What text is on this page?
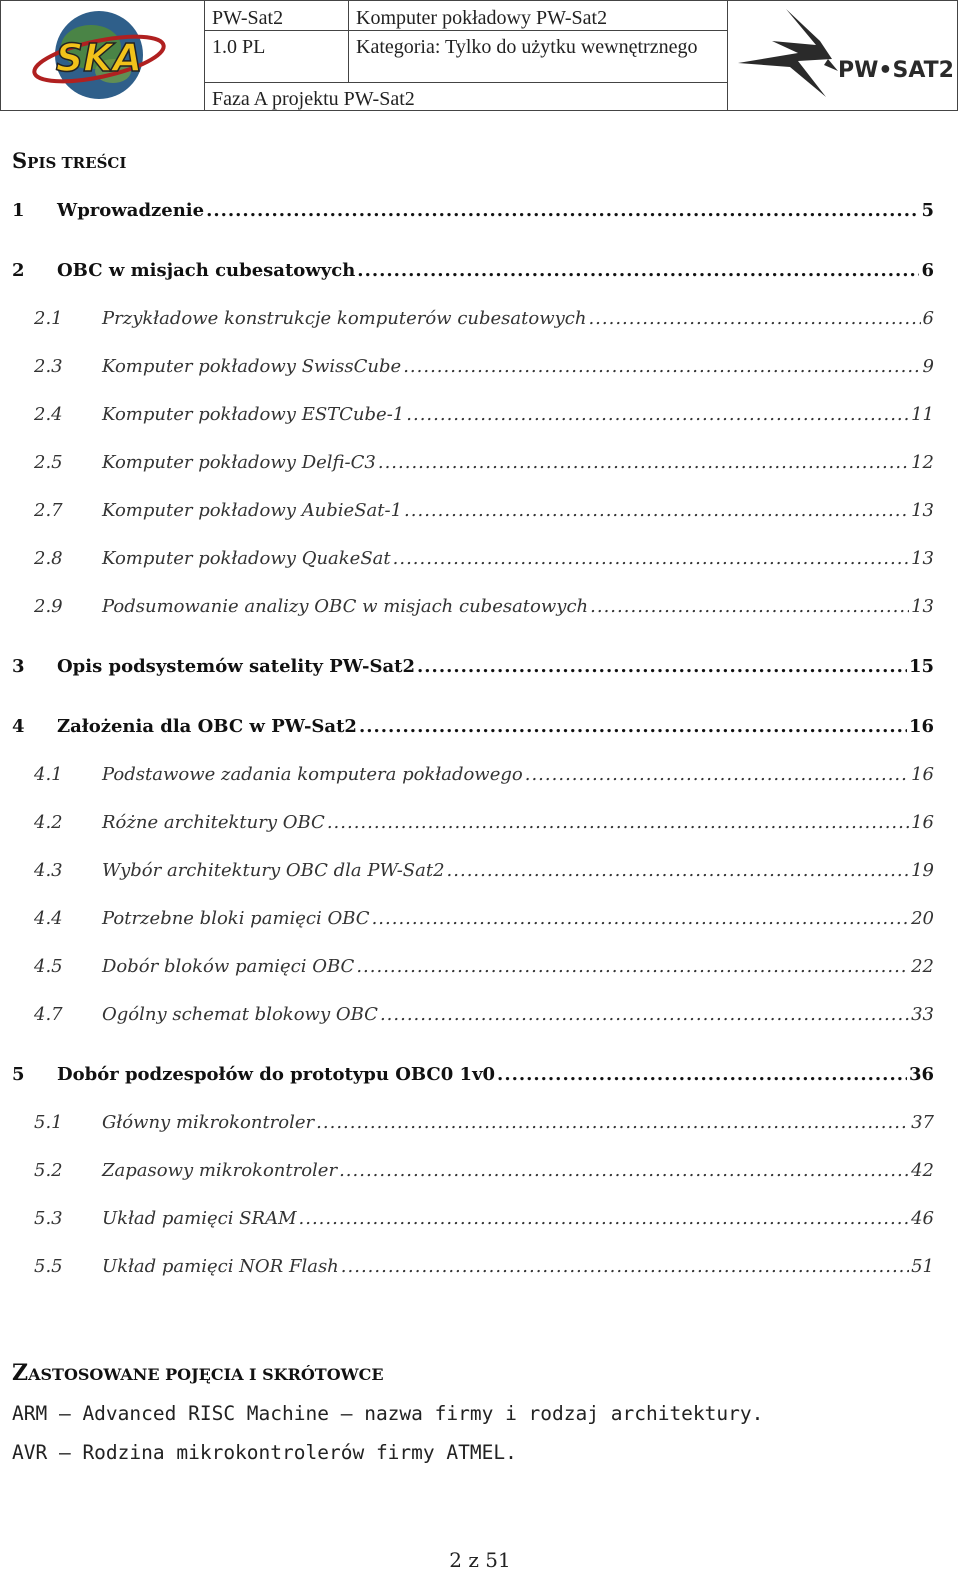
SKA
PW-Sat2
1.0 PL
Komputer pokładowy PW-Sat2
Kategoria: Tylko do użytku wewnętrznego
Faza A projektu PW-Sat2
PW•SAT2
SPIS TREŚCI
1 Wprowadzenie .....	5
2 OBC w misjach cubesatowych .....	6
2.1 Przykładowe konstrukcje komputerów cubesatowych .....	6
2.3 Komputer pokładowy SwissCube .....	9
2.4 Komputer pokładowy ESTCube-1 .....	11
2.5 Komputer pokładowy Delfi-C3 .....	12
2.7 Komputer pokładowy AubieSat-1 .....	13
2.8 Komputer pokładowy QuakeSat .....	13
2.9 Podsumowanie analizy OBC w misjach cubesatowych .....	13
3 Opis podsystemów satelity PW-Sat2 .....	15
4 Założenia dla OBC w PW-Sat2 .....	16
4.1 Podstawowe zadania komputera pokładowego .....	16
4.2 Różne architektury OBC .....	16
4.3 Wybór architektury OBC dla PW-Sat2 .....	19
4.4 Potrzebne bloki pamięci OBC .....	20
4.5 Dobór bloków pamięci OBC .....	22
4.7 Ogólny schemat blokowy OBC .....	33
5 Dobór podzespołów do prototypu OBC0 1v0 .....	36
5.1 Główny mikrokontroler .....	37
5.2 Zapasowy mikrokontroler .....	42
5.3 Układ pamięci SRAM .....	46
5.5 Układ pamięci NOR Flash .....	51
ZASTOSOWANE POJĘCIA I SKRÓTOWCE
ARM – Advanced RISC Machine – nazwa firmy i rodzaj architektury.
AVR – Rodzina mikrokontrolerów firmy ATMEL.
2 z 51
